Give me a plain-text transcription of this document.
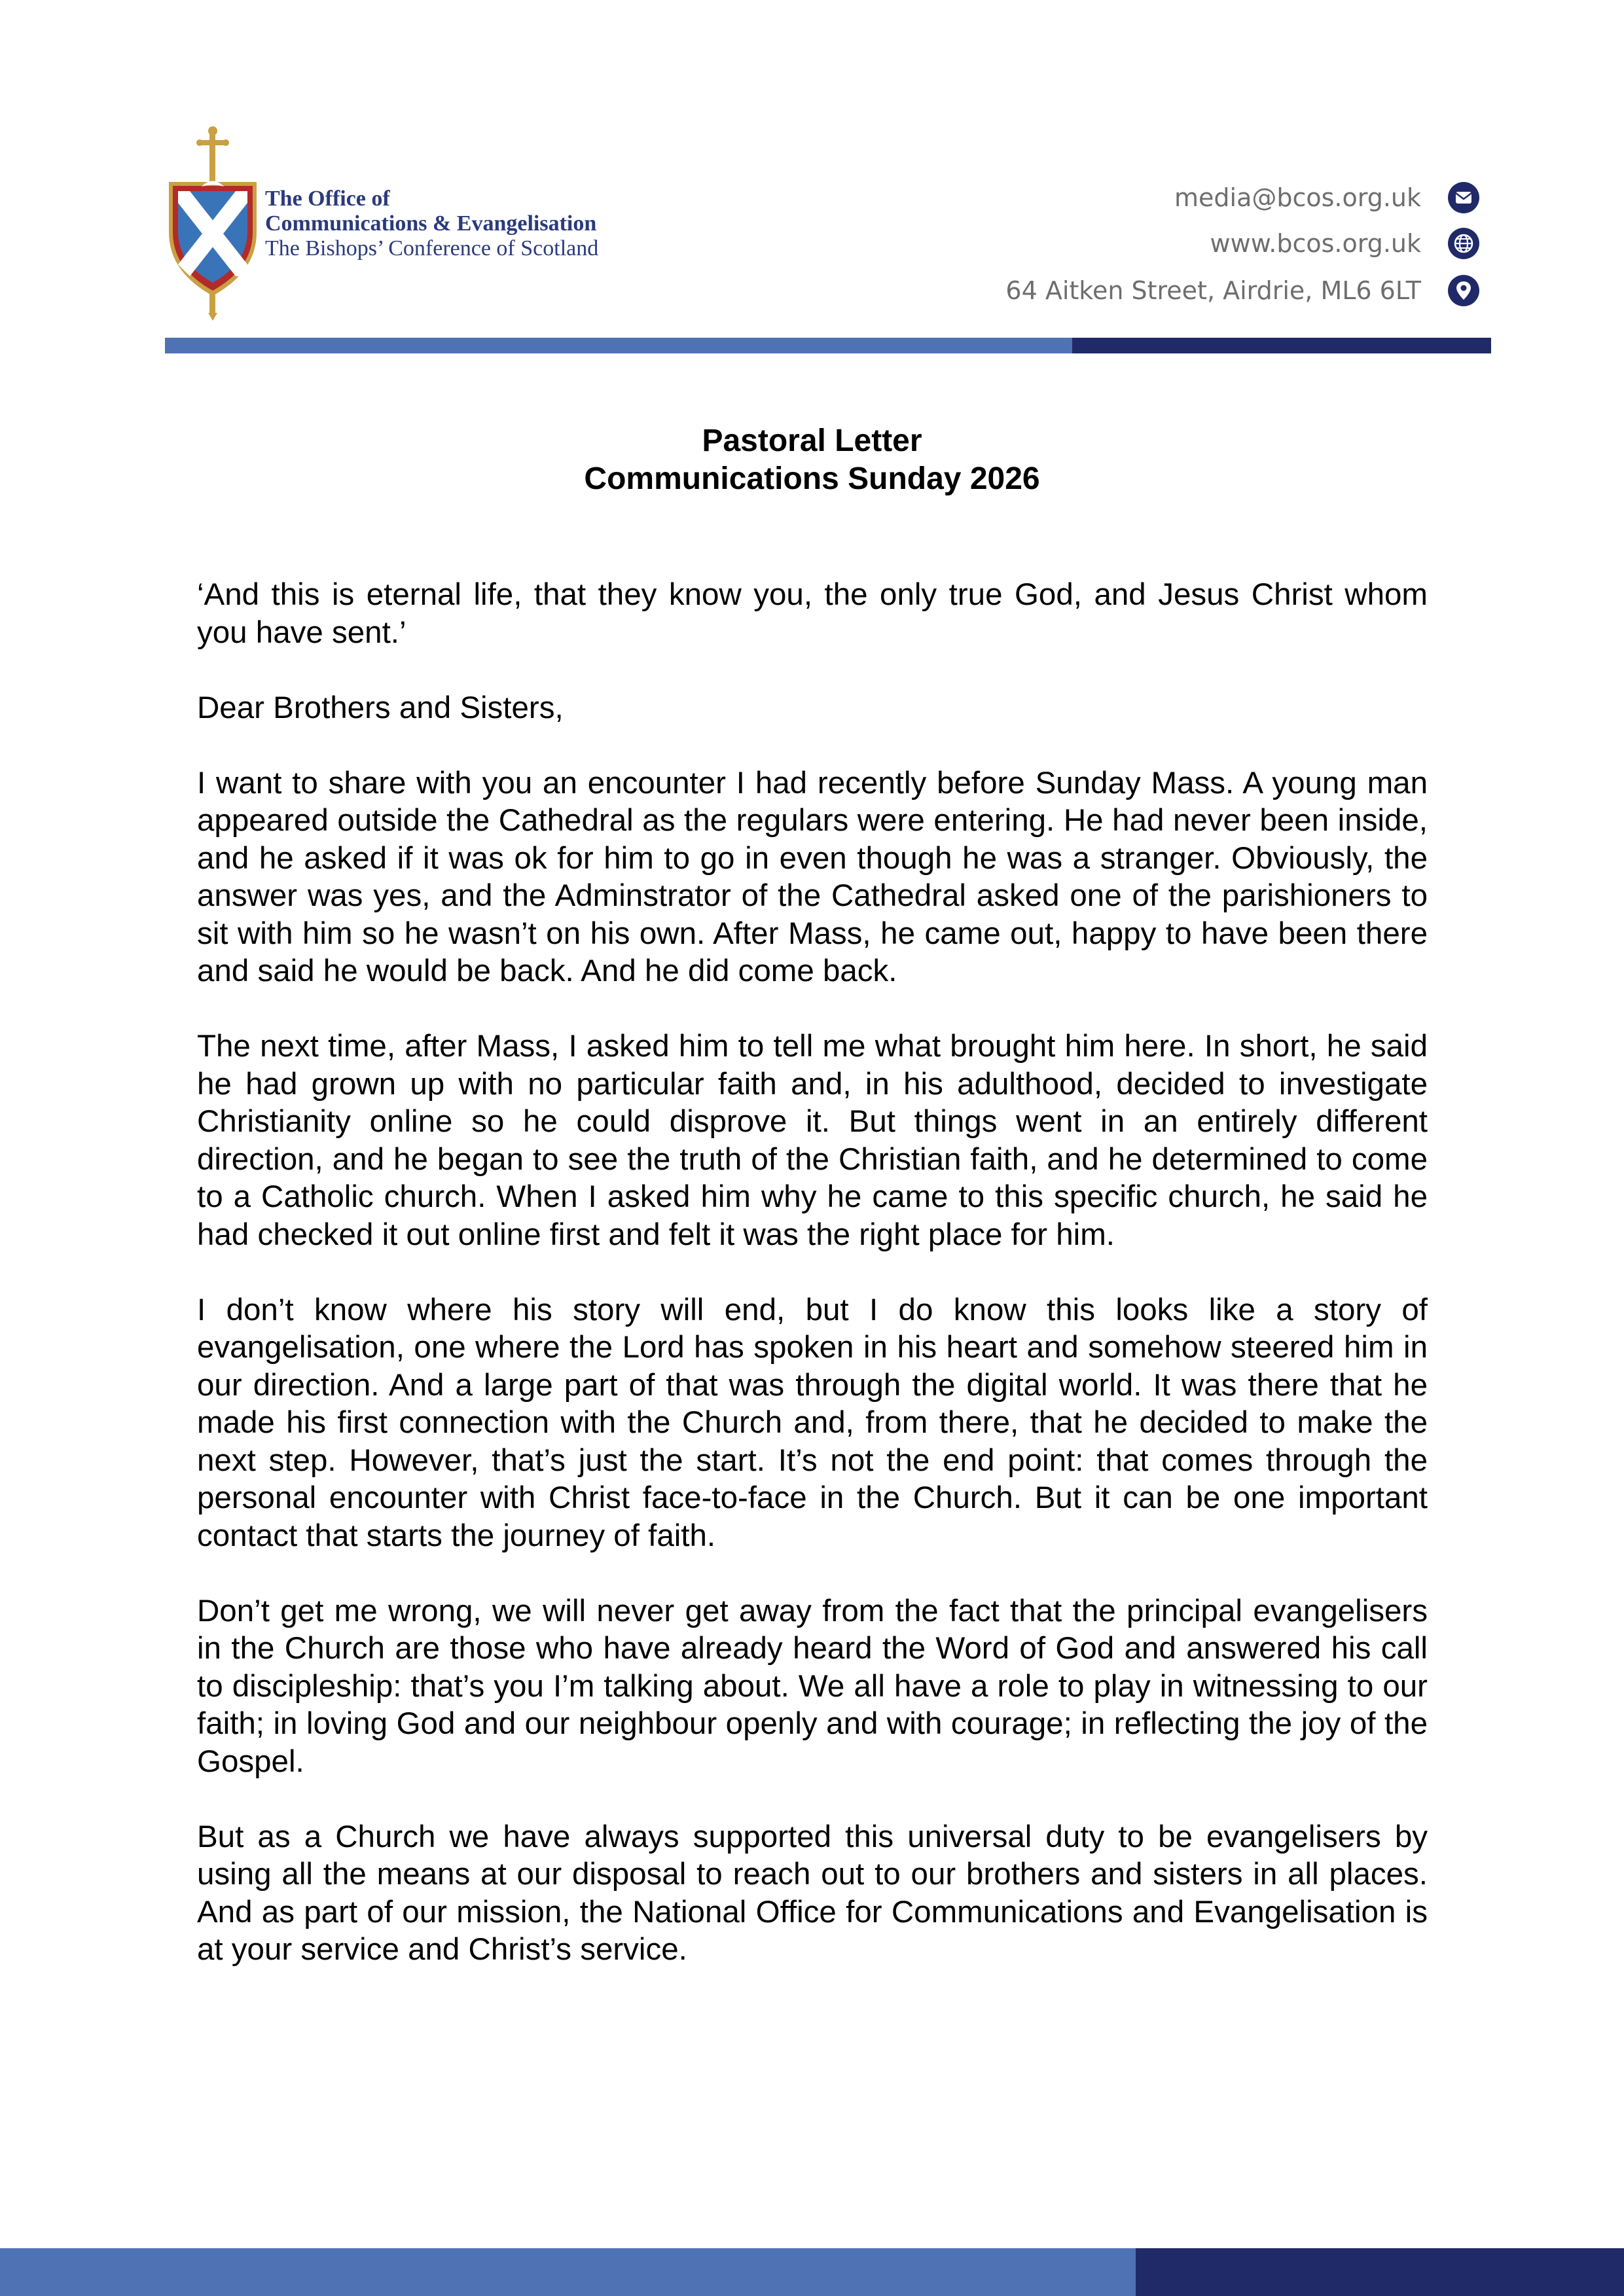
The Office of
Communications & Evangelisation
The Bishops’ Conference of Scotland
media@bcos.org.uk
www.bcos.org.uk
64 Aitken Street, Airdrie, ML6 6LT
Pastoral Letter
Communications Sunday 2026

‘And this is eternal life, that they know you, the only true God, and Jesus Christ whom you have sent.’

Dear Brothers and Sisters,

I want to share with you an encounter I had recently before Sunday Mass. A young man appeared outside the Cathedral as the regulars were entering. He had never been inside, and he asked if it was ok for him to go in even though he was a stranger. Obviously, the answer was yes, and the Adminstrator of the Cathedral asked one of the parishioners to sit with him so he wasn’t on his own. After Mass, he came out, happy to have been there and said he would be back. And he did come back.

The next time, after Mass, I asked him to tell me what brought him here. In short, he said he had grown up with no particular faith and, in his adulthood, decided to investigate Christianity online so he could disprove it. But things went in an entirely different direction, and he began to see the truth of the Christian faith, and he determined to come to a Catholic church. When I asked him why he came to this specific church, he said he had checked it out online first and felt it was the right place for him.

I don’t know where his story will end, but I do know this looks like a story of evangelisation, one where the Lord has spoken in his heart and somehow steered him in our direction. And a large part of that was through the digital world. It was there that he made his first connection with the Church and, from there, that he decided to make the next step. However, that’s just the start. It’s not the end point: that comes through the personal encounter with Christ face-to-face in the Church. But it can be one important contact that starts the journey of faith.

Don’t get me wrong, we will never get away from the fact that the principal evangelisers in the Church are those who have already heard the Word of God and answered his call to discipleship: that’s you I’m talking about. We all have a role to play in witnessing to our faith; in loving God and our neighbour openly and with courage; in reflecting the joy of the Gospel.

But as a Church we have always supported this universal duty to be evangelisers by using all the means at our disposal to reach out to our brothers and sisters in all places. And as part of our mission, the National Office for Communications and Evangelisation is at your service and Christ’s service.
